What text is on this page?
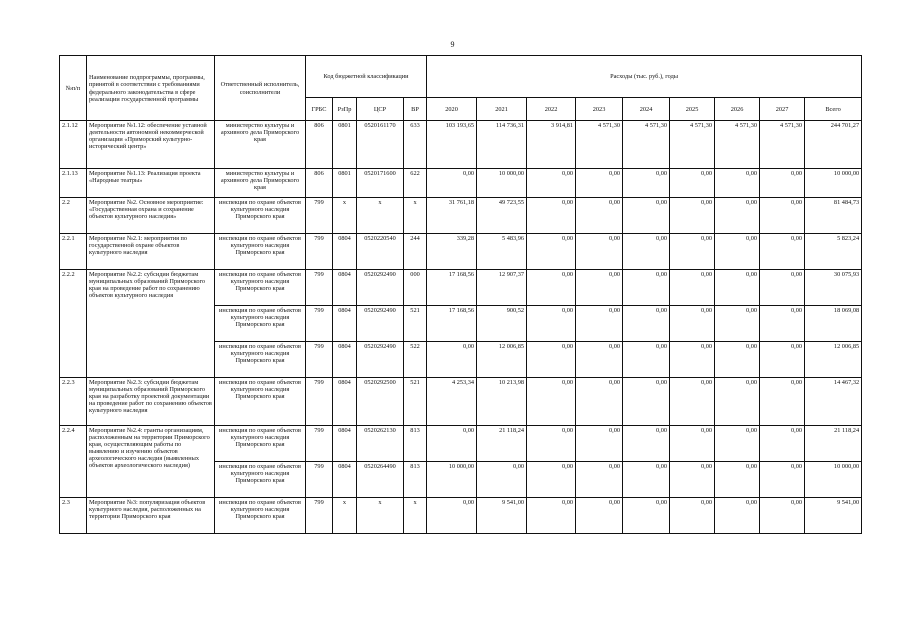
9
№п/п	Наименование подпрограммы, программы, принятой в соответствии с требованиями федерального законодательства в сфере реализации государственной программы	Ответственный исполнитель, соисполнители	Код бюджетной классификации				Расходы (тыс. руб.), годы								
			ГРБС	РзПр	ЦСР	ВР	2020	2021	2022	2023	2024	2025	2026	2027	Всего
2.1.12	Мероприятие №1.12: обеспечение уставной деятельности автономной некоммерческой организации «Приморский культурно-исторический центр»	министерство культуры и архивного дела Приморского края	806	0801	0520161170	633	103 193,65	114 736,31	3 914,81	4 571,30	4 571,30	4 571,30	4 571,30	4 571,30	244 701,27
2.1.13	Мероприятие №1.13: Реализация проекта «Народные театры»	министерство культуры и архивного дела Приморского края	806	0801	0520171600	622	0,00	10 000,00	0,00	0,00	0,00	0,00	0,00	0,00	10 000,00
2.2	Мероприятие №2. Основное мероприятие: «Государственная охрана и сохранение объектов культурного наследия»	инспекция по охране объектов культурного наследия Приморского края	799	х	х	х	31 761,18	49 723,55	0,00	0,00	0,00	0,00	0,00	0,00	81 484,73
2.2.1	Мероприятие №2.1: мероприятия по государственной охране объектов культурного наследия	инспекция по охране объектов культурного наследия Приморского края	799	0804	0520220540	244	339,28	5 483,96	0,00	0,00	0,00	0,00	0,00	0,00	5 823,24
2.2.2	Мероприятие №2.2: субсидии бюджетам муниципальных образований Приморского края на проведение работ по сохранению объектов культурного наследия	инспекция по охране объектов культурного наследия Приморского края	799	0804	0520292490	000	17 168,56	12 907,37	0,00	0,00	0,00	0,00	0,00	0,00	30 075,93
		инспекция по охране объектов культурного наследия Приморского края	799	0804	0520292490	521	17 168,56	900,52	0,00	0,00	0,00	0,00	0,00	0,00	18 069,08
		инспекция по охране объектов культурного наследия Приморского края	799	0804	0520292490	522	0,00	12 006,85	0,00	0,00	0,00	0,00	0,00	0,00	12 006,85
2.2.3	Мероприятие №2.3: субсидии бюджетам муниципальных образований Приморского края на разработку проектной документации на проведение работ по сохранению объектов культурного наследия	инспекция по охране объектов культурного наследия Приморского края	799	0804	0520292500	521	4 253,34	10 213,98	0,00	0,00	0,00	0,00	0,00	0,00	14 467,32
2.2.4	Мероприятие №2.4: гранты организациям, расположенным на территории Приморского края, осуществляющим работы по выявлению и изучению объектов археологического наследия (выявленных объектов археологического наследия)	инспекция по охране объектов культурного наследия Приморского края	799	0804	0520262130	813	0,00	21 118,24	0,00	0,00	0,00	0,00	0,00	0,00	21 118,24
		инспекция по охране объектов культурного наследия Приморского края	799	0804	0520264490	813	10 000,00	0,00	0,00	0,00	0,00	0,00	0,00	0,00	10 000,00
2.3	Мероприятие №3: популяризация объектов культурного наследия, расположенных на территории Приморского края	инспекция по охране объектов культурного наследия Приморского края	799	х	х	х	0,00	9 541,00	0,00	0,00	0,00	0,00	0,00	0,00	9 541,00
